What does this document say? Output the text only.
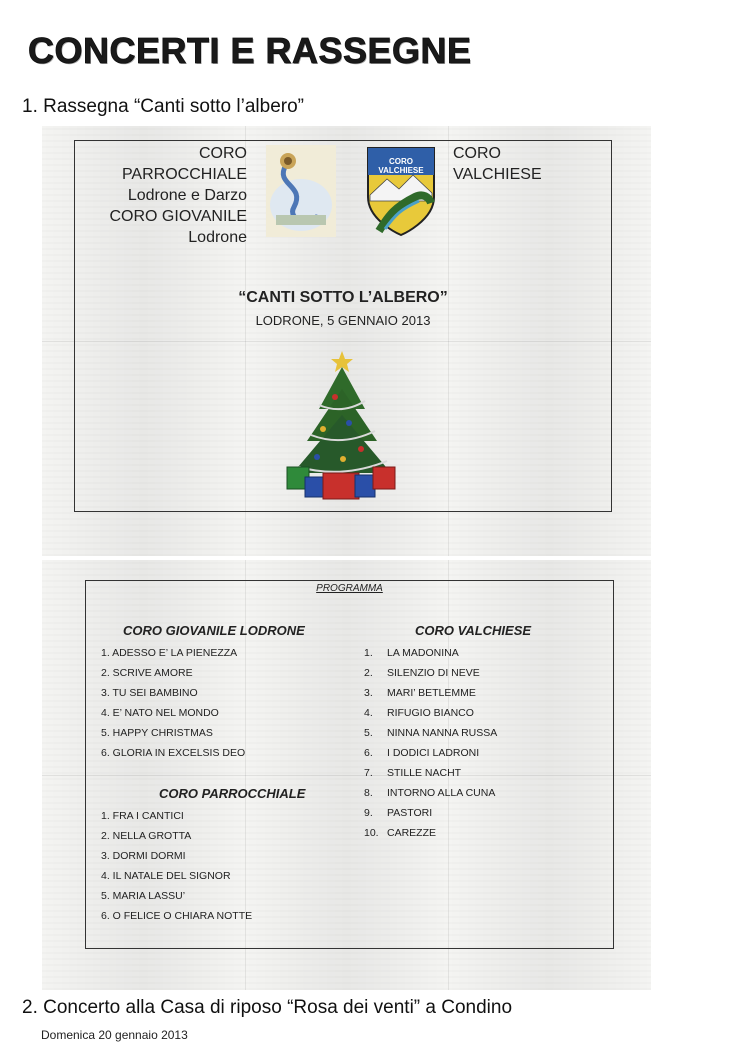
CONCERTI E RASSEGNE
1. Rassegna “Canti sotto l’albero”
CORO
PARROCCHIALE
Lodrone e Darzo
CORO GIOVANILE
Lodrone
CORO VALCHIESE
CORO
VALCHIESE
“CANTI SOTTO L’ALBERO”
LODRONE, 5 GENNAIO 2013
PROGRAMMA
CORO GIOVANILE LODRONE
1. ADESSO E’ LA PIENEZZA
2. SCRIVE AMORE
3. TU SEI BAMBINO
4. E’ NATO NEL MONDO
5. HAPPY CHRISTMAS
6. GLORIA IN EXCELSIS DEO
CORO PARROCCHIALE
1. FRA I CANTICI
2. NELLA GROTTA
3. DORMI DORMI
4. IL NATALE DEL SIGNOR
5. MARIA LASSU’
6. O FELICE O CHIARA NOTTE
CORO VALCHIESE
1. LA MADONINA
2. SILENZIO DI NEVE
3. MARI’ BETLEMME
4. RIFUGIO BIANCO
5. NINNA NANNA RUSSA
6. I DODICI LADRONI
7. STILLE NACHT
8. INTORNO ALLA CUNA
9. PASTORI
10. CAREZZE
2. Concerto alla Casa di riposo “Rosa dei venti” a Condino
Domenica 20 gennaio 2013
